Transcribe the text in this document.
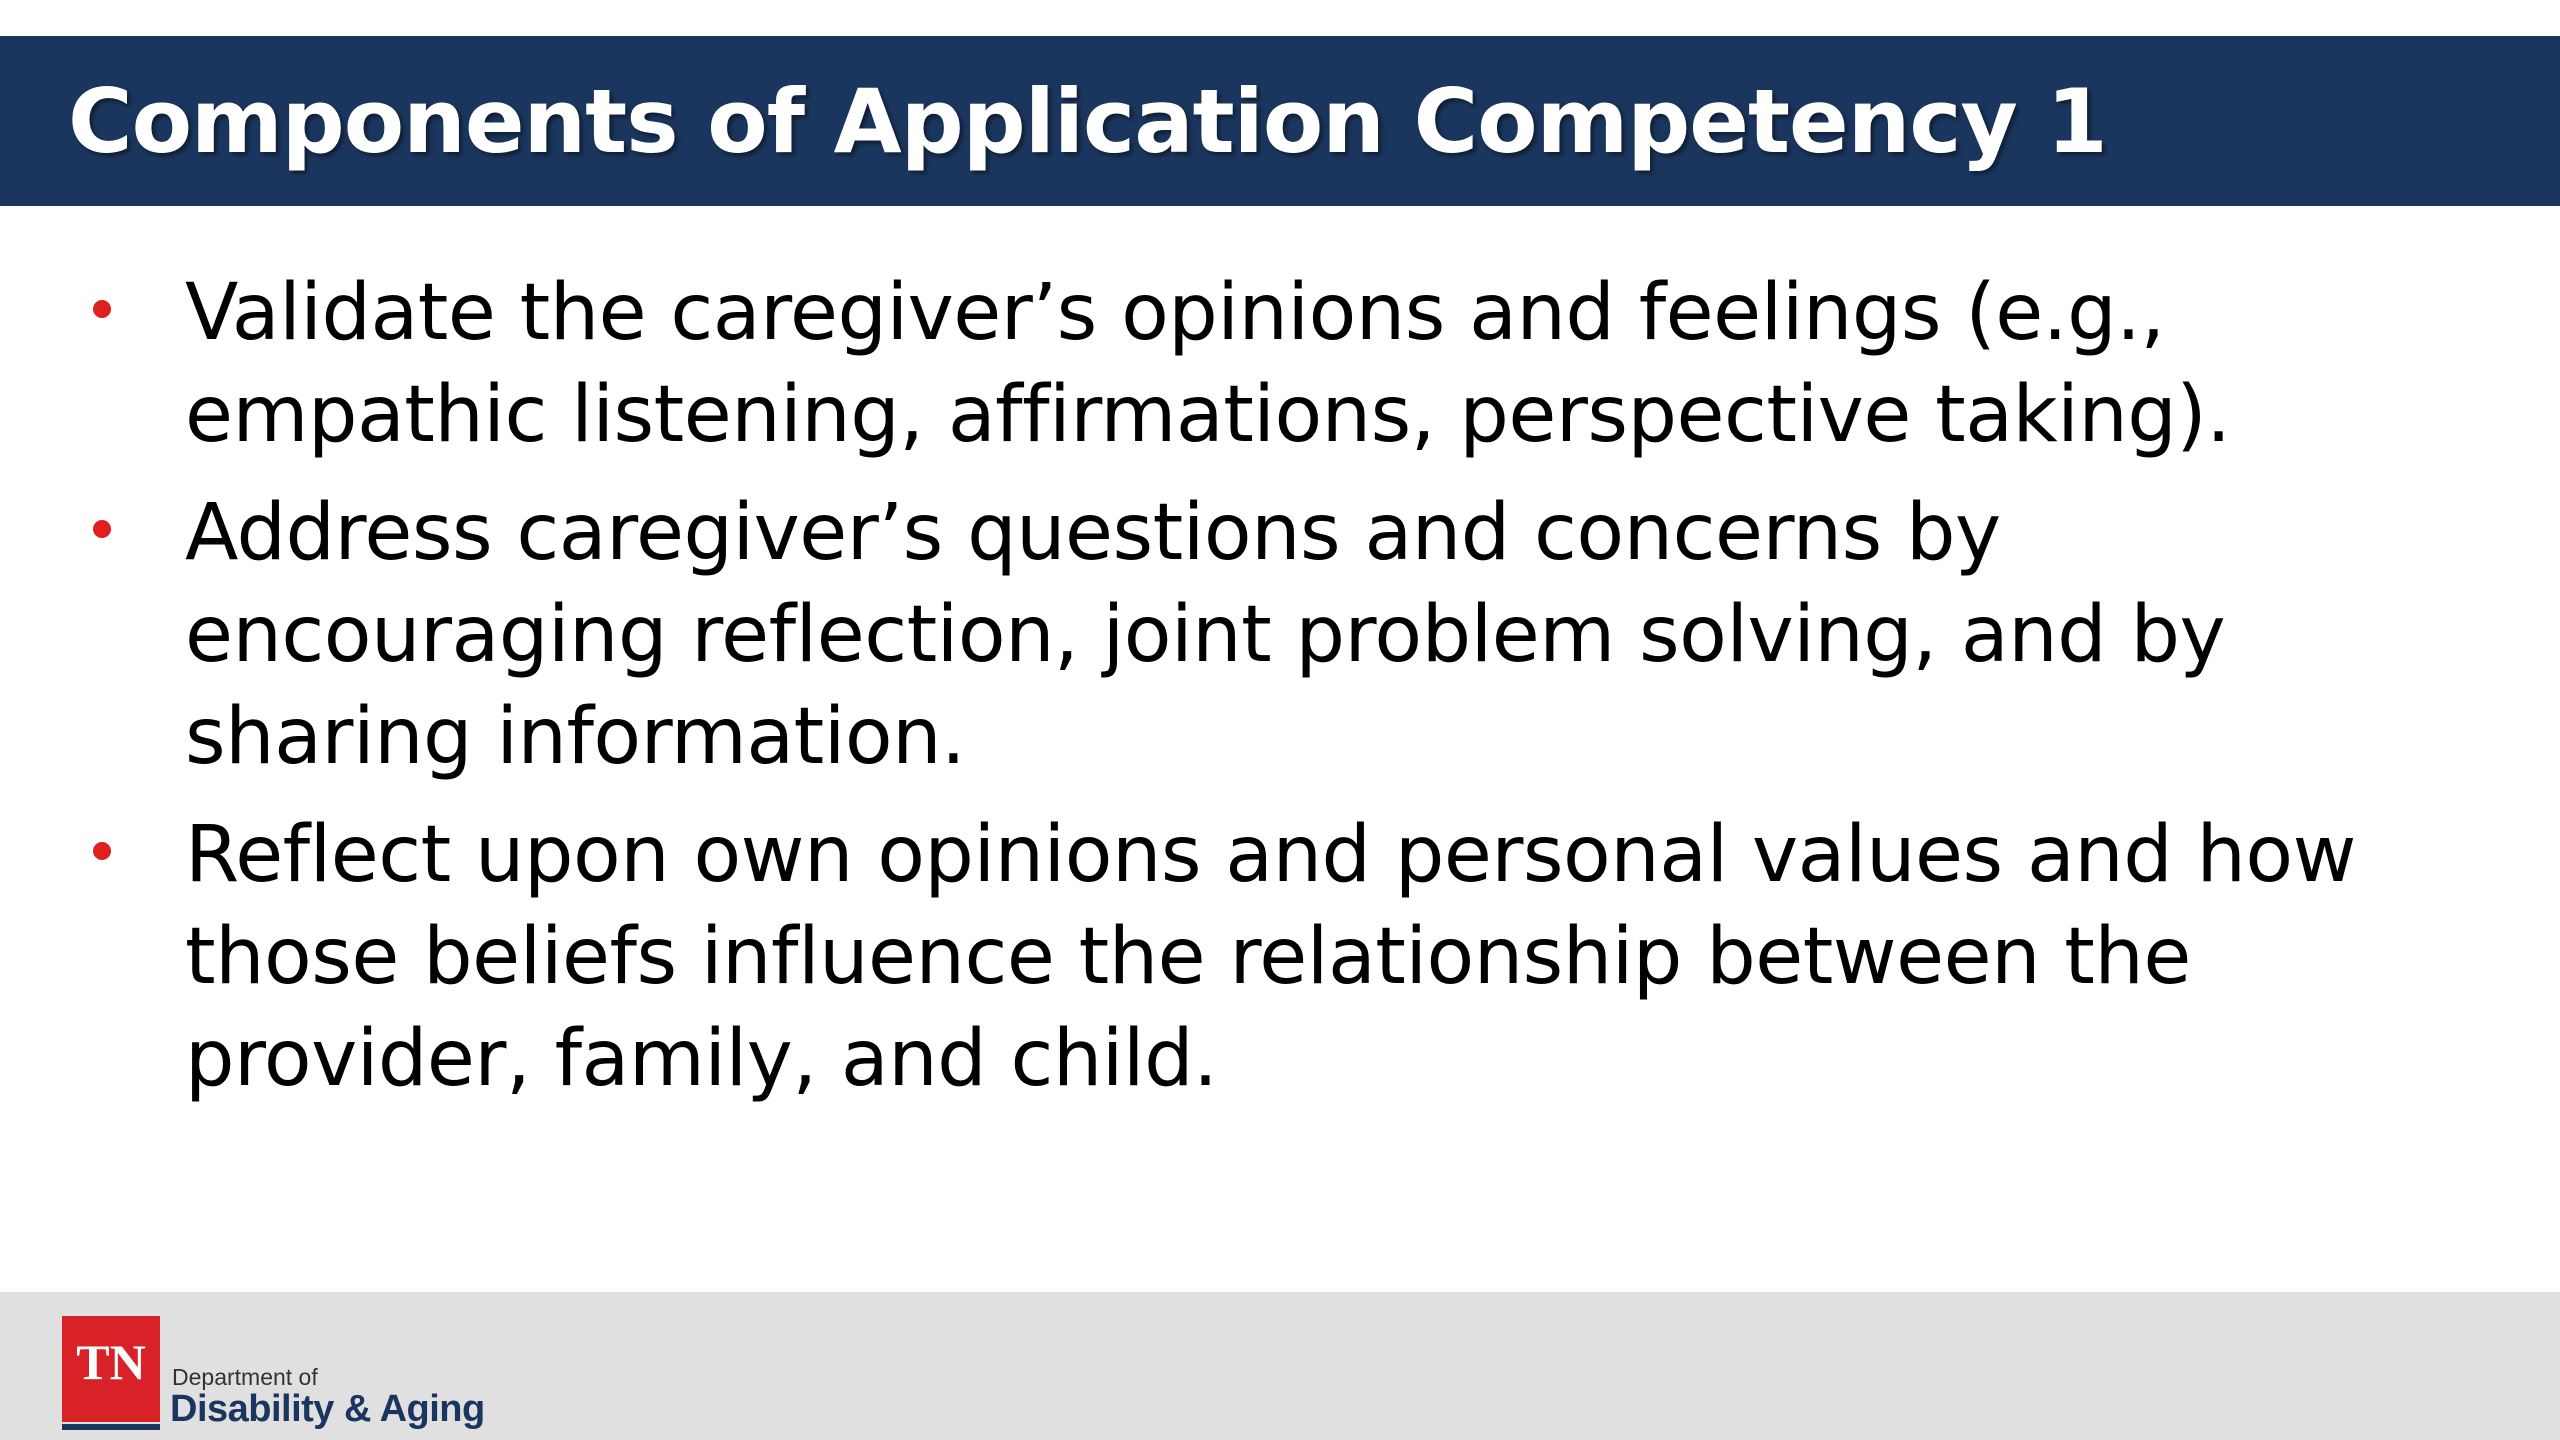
Components of Application Competency 1
Validate the caregiver’s opinions and feelings (e.g., empathic listening, affirmations, perspective taking).
Address caregiver’s questions and concerns by encouraging reflection, joint problem solving, and by sharing information.
Reflect upon own opinions and personal values and how those beliefs influence the relationship between the provider, family, and child.
TN Department of
Disability & Aging
